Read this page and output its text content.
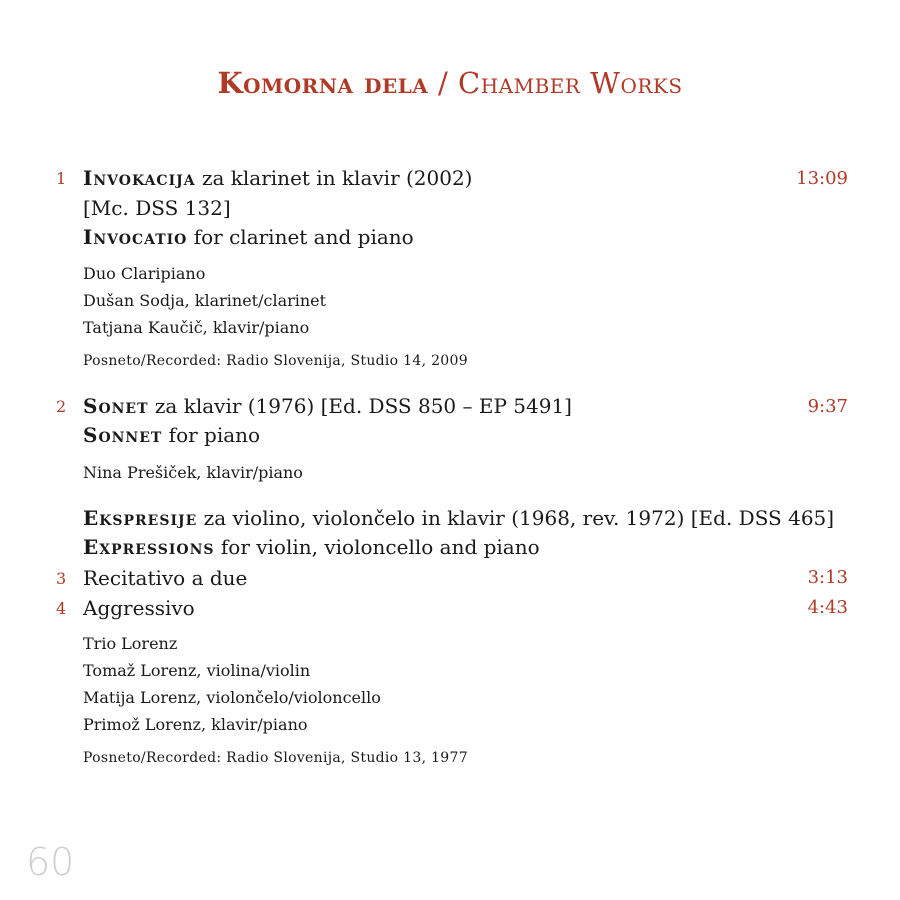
Komorna dela / Chamber Works
1 Invokacija za klarinet in klavir (2002)	13:09
[Mc. DSS 132]
Invocatio for clarinet and piano
Duo Claripiano
Dušan Sodja, klarinet/clarinet
Tatjana Kaučič, klavir/piano
Posneto/Recorded: Radio Slovenija, Studio 14, 2009
2 Sonet za klavir (1976) [Ed. DSS 850 – EP 5491]	9:37
Sonnet for piano
Nina Prešiček, klavir/piano
Ekspresije za violino, violončelo in klavir (1968, rev. 1972) [Ed. DSS 465]
Expressions for violin, violoncello and piano
3 Recitativo a due	3:13
4 Aggressivo	4:43
Trio Lorenz
Tomaž Lorenz, violina/violin
Matija Lorenz, violončelo/violoncello
Primož Lorenz, klavir/piano
Posneto/Recorded: Radio Slovenija, Studio 13, 1977
60
